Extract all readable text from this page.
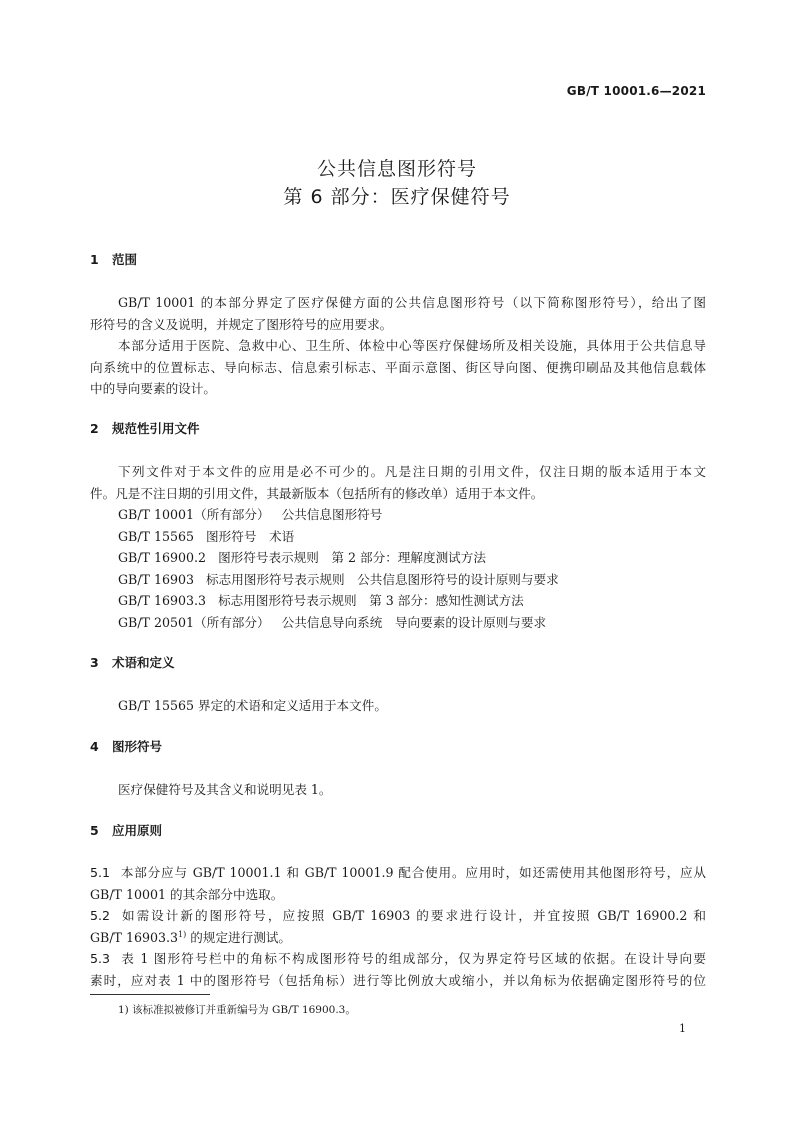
GB/T 10001.6—2021
公共信息图形符号
第 6 部分：医疗保健符号
1 范围
GB/T 10001 的本部分界定了医疗保健方面的公共信息图形符号（以下简称图形符号），给出了图
形符号的含义及说明，并规定了图形符号的应用要求。
本部分适用于医院、急救中心、卫生所、体检中心等医疗保健场所及相关设施，具体用于公共信息导
向系统中的位置标志、导向标志、信息索引标志、平面示意图、街区导向图、便携印刷品及其他信息载体
中的导向要素的设计。
2 规范性引用文件
下列文件对于本文件的应用是必不可少的。凡是注日期的引用文件，仅注日期的版本适用于本文
件。凡是不注日期的引用文件，其最新版本（包括所有的修改单）适用于本文件。
GB/T 10001（所有部分） 公共信息图形符号
GB/T 15565 图形符号　术语
GB/T 16900.2 图形符号表示规则　第 2 部分：理解度测试方法
GB/T 16903 标志用图形符号表示规则　公共信息图形符号的设计原则与要求
GB/T 16903.3 标志用图形符号表示规则　第 3 部分：感知性测试方法
GB/T 20501（所有部分） 公共信息导向系统　导向要素的设计原则与要求
3 术语和定义
GB/T 15565 界定的术语和定义适用于本文件。
4 图形符号
医疗保健符号及其含义和说明见表 1。
5 应用原则
5.1 本部分应与 GB/T 10001.1 和 GB/T 10001.9 配合使用。应用时，如还需使用其他图形符号，应从
GB/T 10001 的其余部分中选取。
5.2 如需设计新的图形符号，应按照 GB/T 16903 的要求进行设计，并宜按照 GB/T 16900.2 和
GB/T 16903.3$^{1)}$ 的规定进行测试。
5.3 表 1 图形符号栏中的角标不构成图形符号的组成部分，仅为界定符号区域的依据。在设计导向要
素时，应对表 1 中的图形符号（包括角标）进行等比例放大或缩小，并以角标为依据确定图形符号的位
1) 该标准拟被修订并重新编号为 GB/T 16900.3。
1
